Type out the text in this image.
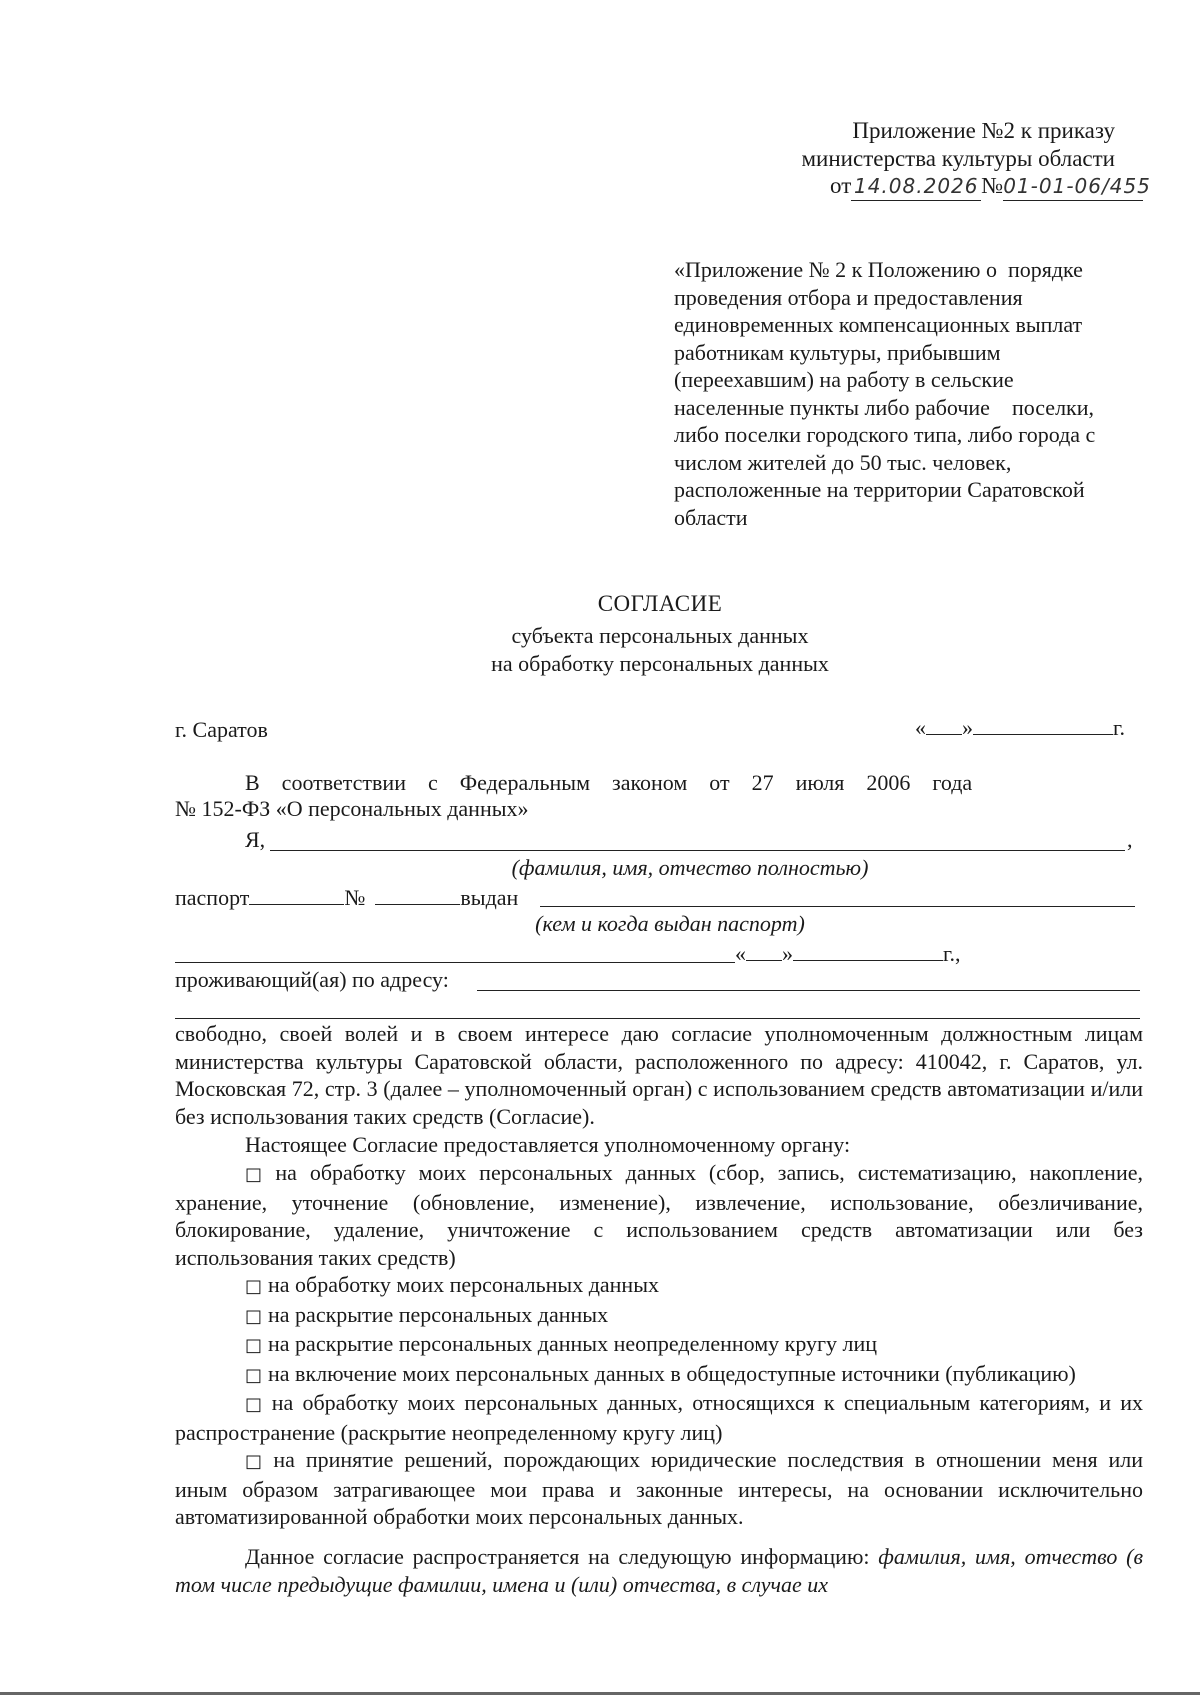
Приложение №2 к приказу
министерства культуры области
от 14.08.2026 №01-01-06/455
«Приложение № 2 к Положению о  порядке
проведения отбора и предоставления
единовременных компенсационных выплат
работникам культуры, прибывшим
(переехавшим) на работу в сельские
населенные пункты либо рабочие    поселки,
либо поселки городского типа, либо города с
числом жителей до 50 тыс. человек,
расположенные на территории Саратовской
области
СОГЛАСИЕ
субъекта персональных данных
на обработку персональных данных
г. Саратов	« »	г.
В    соответствии    с    Федеральным    законом    от    27    июля    2006    года
№ 152-ФЗ «О персональных данных»
Я,	,
(фамилия, имя, отчество полностью)
паспорт	№	выдан
(кем и когда выдан паспорт)
« »	г.,
проживающий(ая) по адресу:
свободно, своей волей и в своем интересе даю согласие уполномоченным должностным лицам министерства культуры Саратовской области, расположенного по адресу: 410042, г. Саратов, ул. Московская 72, стр. 3 (далее – уполномоченный орган) с использованием средств автоматизации и/или без использования таких средств (Согласие).
Настоящее Согласие предоставляется уполномоченному органу:
□ на обработку моих персональных данных (сбор, запись, систематизацию, накопление, хранение, уточнение (обновление, изменение), извлечение, использование, обезличивание, блокирование, удаление, уничтожение с использованием средств автоматизации или без использования таких средств)
□ на обработку моих персональных данных
□ на раскрытие персональных данных
□ на раскрытие персональных данных неопределенному кругу лиц
□ на включение моих персональных данных в общедоступные источники (публикацию)
□ на обработку моих персональных данных, относящихся к специальным категориям, и их распространение (раскрытие неопределенному кругу лиц)
□ на принятие решений, порождающих юридические последствия в отношении меня или иным образом затрагивающее мои права и законные интересы, на основании исключительно автоматизированной обработки моих персональных данных.
Данное согласие распространяется на следующую информацию: фамилия, имя, отчество (в том числе предыдущие фамилии, имена и (или) отчества, в случае их
